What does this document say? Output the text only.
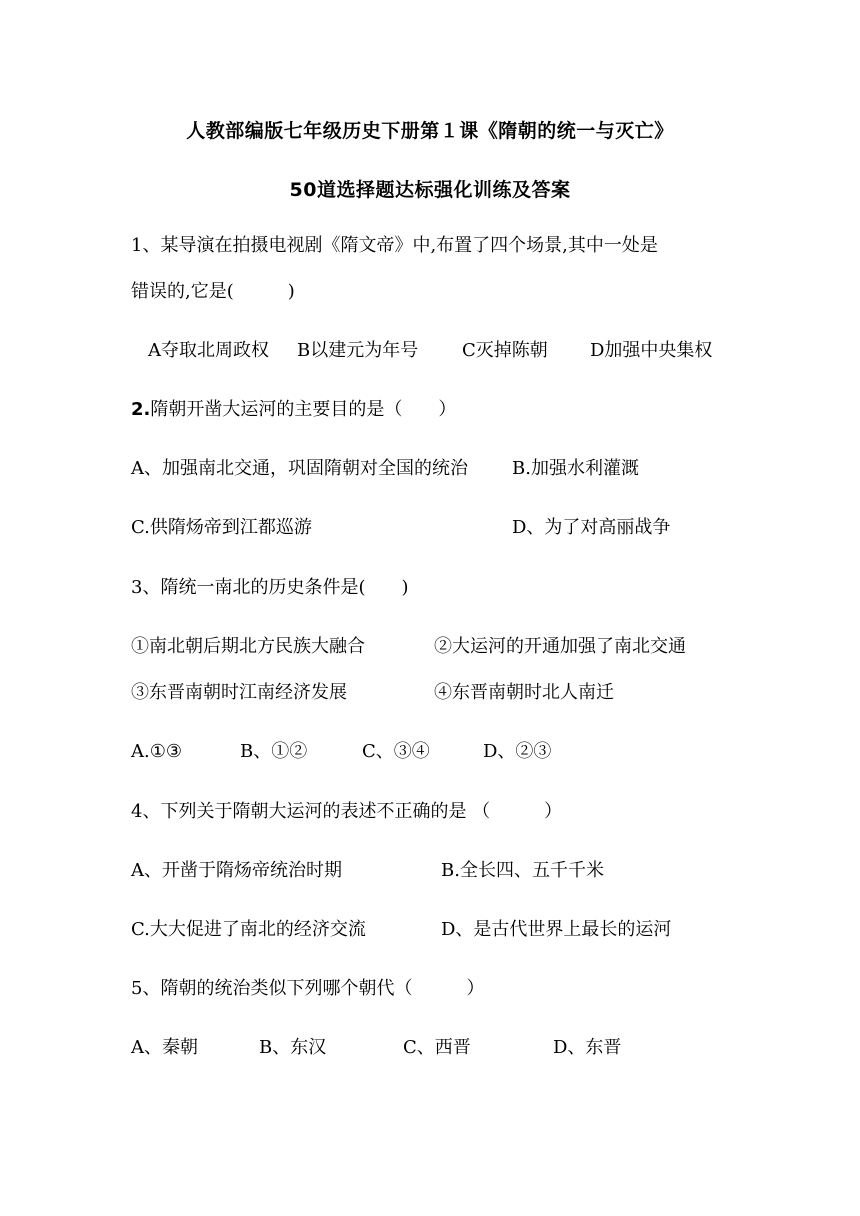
人教部编版七年级历史下册第１课《隋朝的统一与灭亡》
50道选择题达标强化训练及答案
1、某导演在拍摄电视剧《隋文帝》中,布置了四个场景,其中一处是
错误的,它是(　　　)
A夺取北周政权 B以建元为年号 C灭掉陈朝 D加强中央集权
2.隋朝开凿大运河的主要目的是（　　）
A、加强南北交通，巩固隋朝对全国的统治 B.加强水利灌溉
C.供隋炀帝到江都巡游	D、为了对高丽战争
3、隋统一南北的历史条件是(　　)
①南北朝后期北方民族大融合	②大运河的开通加强了南北交通
③东晋南朝时江南经济发展	④东晋南朝时北人南迁
A.①③	B、①②	C、③④	D、②③
4、下列关于隋朝大运河的表述不正确的是 （　　　）
A、开凿于隋炀帝统治时期	B.全长四、五千千米
C.大大促进了南北的经济交流	D、是古代世界上最长的运河
5、隋朝的统治类似下列哪个朝代（　　　）
A、秦朝	B、东汉	C、西晋	D、东晋
